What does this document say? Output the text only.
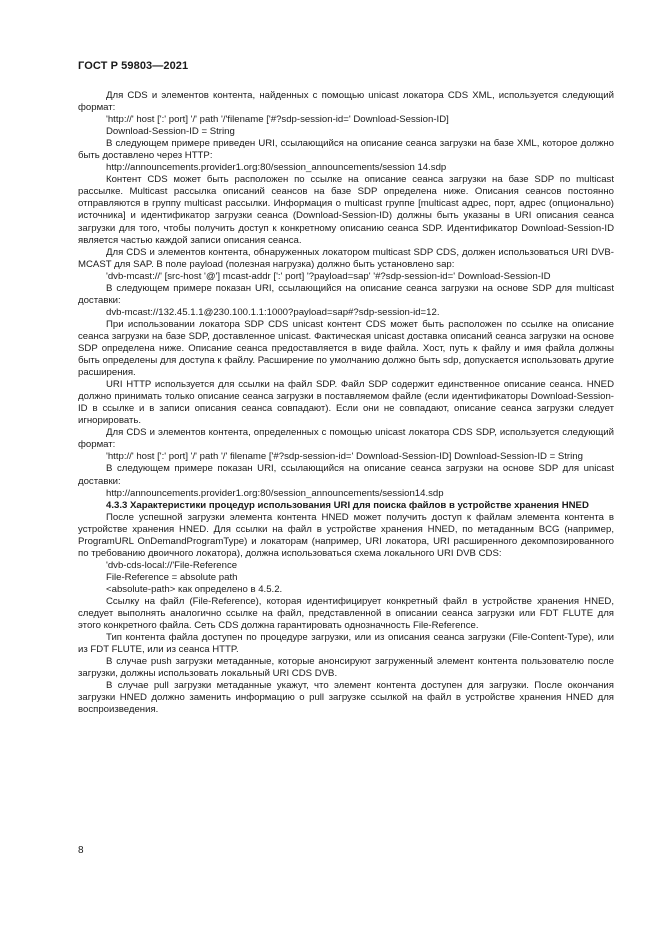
ГОСТ Р 59803—2021

Для CDS и элементов контента, найденных с помощью unicast локатора CDS XML, используется следующий формат:

'http://' host [':' port] '/' path '/'filename ['#?sdp-session-id=' Download-Session-ID]

Download-Session-ID = String

В следующем примере приведен URI, ссылающийся на описание сеанса загрузки на базе XML, которое должно быть доставлено через HTTP:

http://announcements.provider1.org:80/session_announcements/session 14.sdp

Контент CDS может быть расположен по ссылке на описание сеанса загрузки на базе SDP по multicast рассылке. Multicast рассылка описаний сеансов на базе SDP определена ниже. Описания сеансов постоянно отправляются в группу multicast рассылки. Информация о multicast группе [multicast адрес, порт, адрес (опционально) источника] и идентификатор загрузки сеанса (Download-Session-ID) должны быть указаны в URI описания сеанса загрузки для того, чтобы получить доступ к конкретному описанию сеанса SDP. Идентификатор Download-Session-ID является частью каждой записи описания сеанса.

Для CDS и элементов контента, обнаруженных локатором multicast SDP CDS, должен использоваться URI DVB-MCAST для SAP. В поле payload (полезная нагрузка) должно быть установлено sap:

'dvb-mcast://' [src-host '@'] mcast-addr [':' port] '?payload=sap' '#?sdp-session-id=' Download-Session-ID

В следующем примере показан URI, ссылающийся на описание сеанса загрузки на основе SDP для multicast доставки:

dvb-mcast://132.45.1.1@230.100.1.1:1000?payload=sap#?sdp-session-id=12.

При использовании локатора SDP CDS unicast контент CDS может быть расположен по ссылке на описание сеанса загрузки на базе SDP, доставленное unicast. Фактическая unicast доставка описаний сеанса загрузки на основе SDP определена ниже. Описание сеанса предоставляется в виде файла. Хост, путь к файлу и имя файла должны быть определены для доступа к файлу. Расширение по умолчанию должно быть sdp, допускается использовать другие расширения.

URI HTTP используется для ссылки на файл SDP. Файл SDP содержит единственное описание сеанса. HNED должно принимать только описание сеанса загрузки в поставляемом файле (если идентификаторы Download-Session-ID в ссылке и в записи описания сеанса совпадают). Если они не совпадают, описание сеанса загрузки следует игнорировать.

Для CDS и элементов контента, определенных с помощью unicast локатора CDS SDP, используется следующий формат:

'http://' host [':' port] '/' path '/' filename ['#?sdp-session-id=' Download-Session-ID] Download-Session-ID = String

В следующем примере показан URI, ссылающийся на описание сеанса загрузки на основе SDP для unicast доставки:

http://announcements.provider1.org:80/session_announcements/session14.sdp

4.3.3 Характеристики процедур использования URI для поиска файлов в устройстве хранения HNED

После успешной загрузки элемента контента HNED может получить доступ к файлам элемента контента в устройстве хранения HNED. Для ссылки на файл в устройстве хранения HNED, по метаданным BCG (например, ProgramURL OnDemandProgramType) и локаторам (например, URI локатора, URI расширенного декомпозированного по требованию двоичного локатора), должна использоваться схема локального URI DVB CDS:

'dvb-cds-local://'File-Reference

File-Reference = absolute path

<absolute-path> как определено в 4.5.2.

Ссылку на файл (File-Reference), которая идентифицирует конкретный файл в устройстве хранения HNED, следует выполнять аналогично ссылке на файл, представленной в описании сеанса загрузки или FDT FLUTE для этого конкретного файла. Сеть CDS должна гарантировать однозначность File-Reference.

Тип контента файла доступен по процедуре загрузки, или из описания сеанса загрузки (File-Content-Type), или из FDT FLUTE, или из сеанса HTTP.

В случае push загрузки метаданные, которые анонсируют загруженный элемент контента пользователю после загрузки, должны использовать локальный URI CDS DVB.

В случае pull загрузки метаданные укажут, что элемент контента доступен для загрузки. После окончания загрузки HNED должно заменить информацию о pull загрузке ссылкой на файл в устройстве хранения HNED для воспроизведения.

8
